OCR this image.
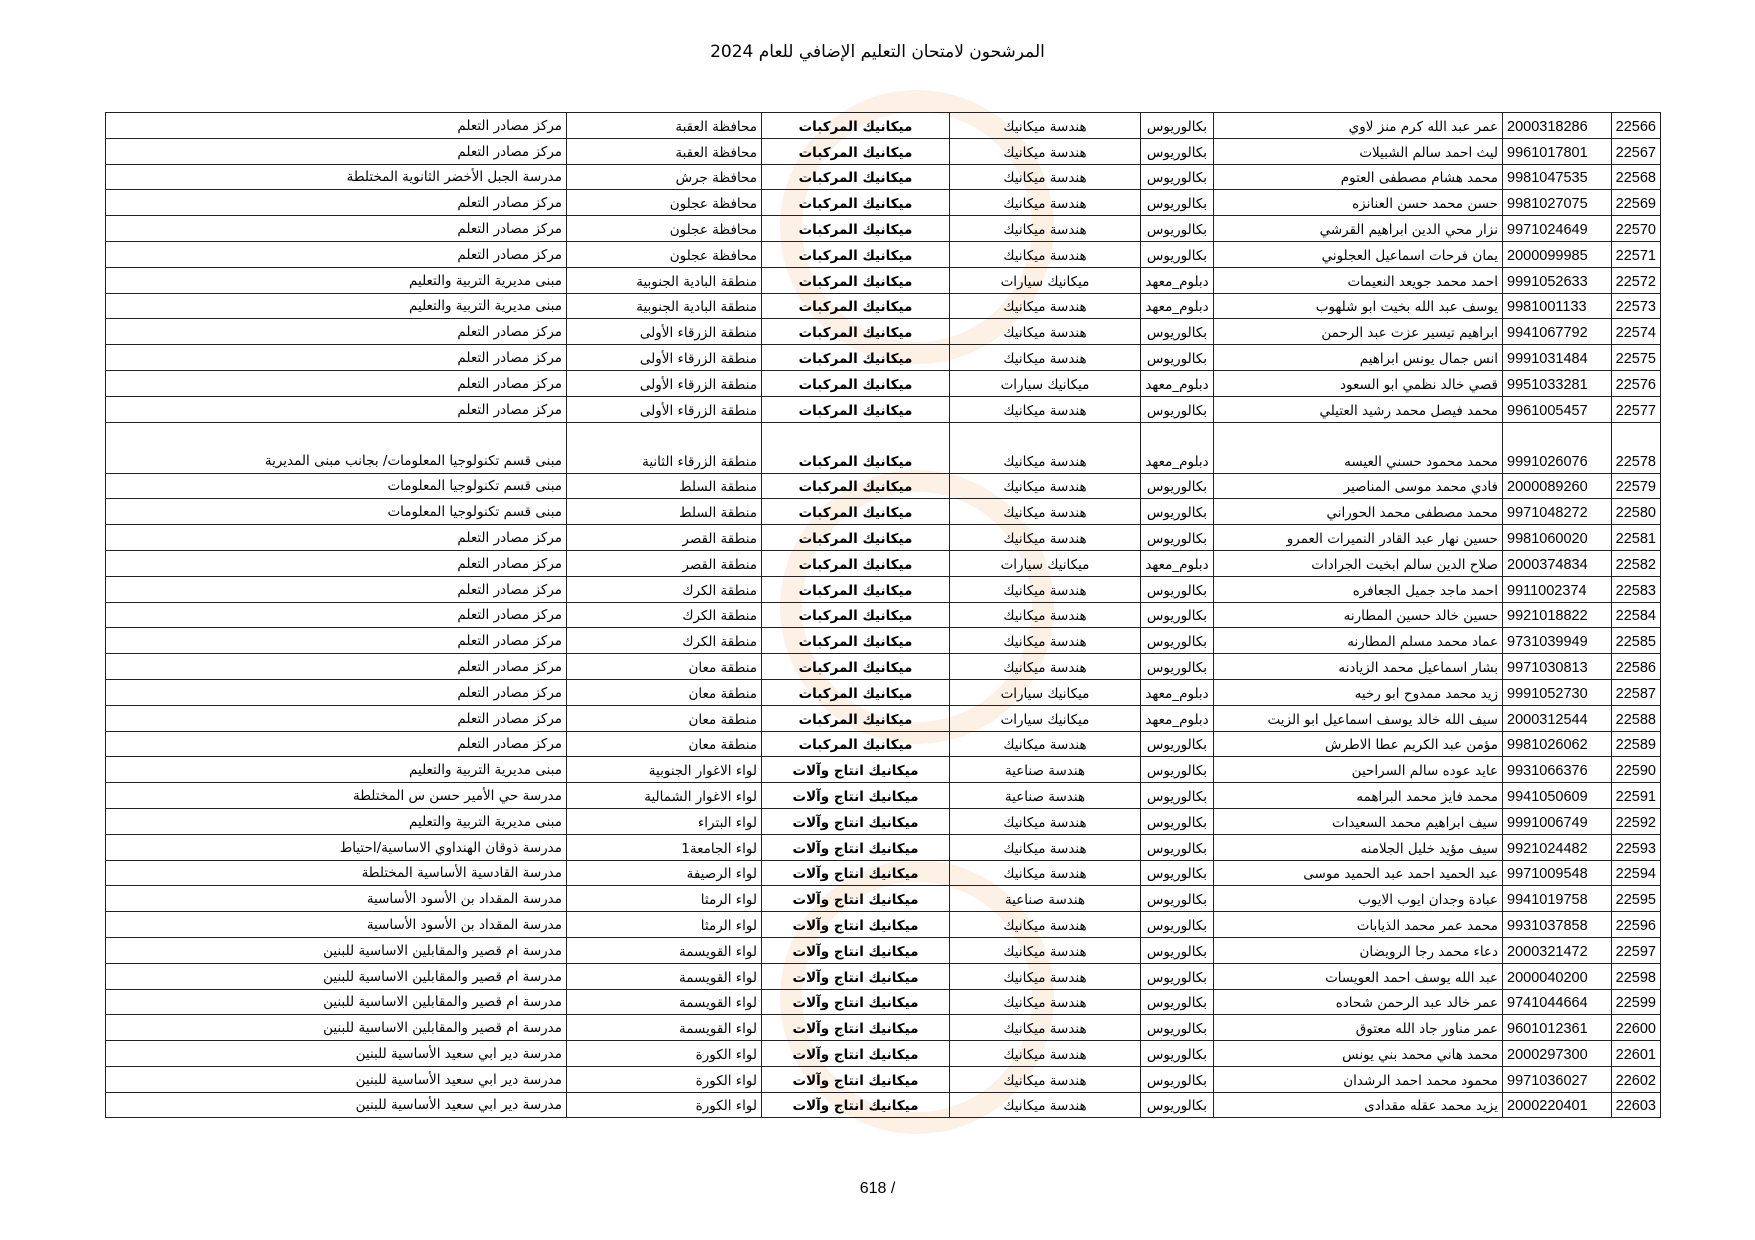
المرشحون لامتحان التعليم الإضافي للعام 2024
22566	2000318286	عمر عبد الله كرم منز لاوي	بكالوريوس	هندسة ميكانيك	ميكانيك المركبات	محافظة العقبة	مركز مصادر التعلم
22567	9961017801	ليث احمد سالم الشبيلات	بكالوريوس	هندسة ميكانيك	ميكانيك المركبات	محافظة العقبة	مركز مصادر التعلم
22568	9981047535	محمد هشام مصطفى العتوم	بكالوريوس	هندسة ميكانيك	ميكانيك المركبات	محافظة جرش	مدرسة الجبل الأخضر الثانوية المختلطة
22569	9981027075	حسن محمد حسن العنانزه	بكالوريوس	هندسة ميكانيك	ميكانيك المركبات	محافظة عجلون	مركز مصادر التعلم
22570	9971024649	نزار محي الدين ابراهيم القرشي	بكالوريوس	هندسة ميكانيك	ميكانيك المركبات	محافظة عجلون	مركز مصادر التعلم
22571	2000099985	يمان فرحات اسماعيل العجلوني	بكالوريوس	هندسة ميكانيك	ميكانيك المركبات	محافظة عجلون	مركز مصادر التعلم
22572	9991052633	احمد محمد جويعد النعيمات	دبلوم_معهد	ميكانيك سيارات	ميكانيك المركبات	منطقة البادية الجنوبية	مبنى مديرية التربية والتعليم
22573	9981001133	يوسف عبد الله بخيت ابو شلهوب	دبلوم_معهد	هندسة ميكانيك	ميكانيك المركبات	منطقة البادية الجنوبية	مبنى مديرية التربية والتعليم
22574	9941067792	ابراهيم تيسير عزت عبد الرحمن	بكالوريوس	هندسة ميكانيك	ميكانيك المركبات	منطقة الزرقاء الأولى	مركز مصادر التعلم
22575	9991031484	انس جمال يونس ابراهيم	بكالوريوس	هندسة ميكانيك	ميكانيك المركبات	منطقة الزرقاء الأولى	مركز مصادر التعلم
22576	9951033281	قصي خالد نظمي ابو السعود	دبلوم_معهد	ميكانيك سيارات	ميكانيك المركبات	منطقة الزرقاء الأولى	مركز مصادر التعلم
22577	9961005457	محمد فيصل محمد رشيد العتيلي	بكالوريوس	هندسة ميكانيك	ميكانيك المركبات	منطقة الزرقاء الأولى	مركز مصادر التعلم
22578	9991026076	محمد محمود حسني العيسه	دبلوم_معهد	هندسة ميكانيك	ميكانيك المركبات	منطقة الزرقاء الثانية	مبنى قسم تكنولوجيا المعلومات/ بجانب مبنى المديرية
22579	2000089260	فادي محمد موسى المناصير	بكالوريوس	هندسة ميكانيك	ميكانيك المركبات	منطقة السلط	مبنى قسم تكنولوجيا المعلومات
22580	9971048272	محمد مصطفى محمد الحوراني	بكالوريوس	هندسة ميكانيك	ميكانيك المركبات	منطقة السلط	مبنى قسم تكنولوجيا المعلومات
22581	9981060020	حسين نهار عبد القادر النميرات العمرو	بكالوريوس	هندسة ميكانيك	ميكانيك المركبات	منطقة القصر	مركز مصادر التعلم
22582	2000374834	صلاح الدين سالم ابخيت الجرادات	دبلوم_معهد	ميكانيك سيارات	ميكانيك المركبات	منطقة القصر	مركز مصادر التعلم
22583	9911002374	احمد ماجد جميل الجعافره	بكالوريوس	هندسة ميكانيك	ميكانيك المركبات	منطقة الكرك	مركز مصادر التعلم
22584	9921018822	حسين خالد حسين المطارنه	بكالوريوس	هندسة ميكانيك	ميكانيك المركبات	منطقة الكرك	مركز مصادر التعلم
22585	9731039949	عماد محمد مسلم المطارنه	بكالوريوس	هندسة ميكانيك	ميكانيك المركبات	منطقة الكرك	مركز مصادر التعلم
22586	9971030813	بشار اسماعيل محمد الزيادنه	بكالوريوس	هندسة ميكانيك	ميكانيك المركبات	منطقة معان	مركز مصادر التعلم
22587	9991052730	زيد محمد ممدوح ابو رخيه	دبلوم_معهد	ميكانيك سيارات	ميكانيك المركبات	منطقة معان	مركز مصادر التعلم
22588	2000312544	سيف الله خالد يوسف اسماعيل ابو الزيت	دبلوم_معهد	ميكانيك سيارات	ميكانيك المركبات	منطقة معان	مركز مصادر التعلم
22589	9981026062	مؤمن عبد الكريم عطا الاطرش	بكالوريوس	هندسة ميكانيك	ميكانيك المركبات	منطقة معان	مركز مصادر التعلم
22590	9931066376	عايد عوده سالم السراحين	بكالوريوس	هندسة صناعية	ميكانيك انتاج وآلات	لواء الاغوار الجنوبية	مبنى مديرية التربية والتعليم
22591	9941050609	محمد فايز محمد البراهمه	بكالوريوس	هندسة صناعية	ميكانيك انتاج وآلات	لواء الاغوار الشمالية	مدرسة حي الأمير حسن س المختلطة
22592	9991006749	سيف ابراهيم محمد السعيدات	بكالوريوس	هندسة ميكانيك	ميكانيك انتاج وآلات	لواء البتراء	مبنى مديرية التربية والتعليم
22593	9921024482	سيف مؤيد خليل الجلامنه	بكالوريوس	هندسة ميكانيك	ميكانيك انتاج وآلات	لواء الجامعة1	مدرسة ذوقان الهنداوي الاساسية/احتياط
22594	9971009548	عبد الحميد احمد عبد الحميد موسى	بكالوريوس	هندسة ميكانيك	ميكانيك انتاج وآلات	لواء الرصيفة	مدرسة القادسية الأساسية المختلطة
22595	9941019758	عبادة وجدان ايوب الايوب	بكالوريوس	هندسة صناعية	ميكانيك انتاج وآلات	لواء الرمثا	مدرسة المقداد بن الأسود الأساسية
22596	9931037858	محمد عمر محمد الذيابات	بكالوريوس	هندسة ميكانيك	ميكانيك انتاج وآلات	لواء الرمثا	مدرسة المقداد بن الأسود الأساسية
22597	2000321472	دعاء محمد رجا الرويضان	بكالوريوس	هندسة ميكانيك	ميكانيك انتاج وآلات	لواء القويسمة	مدرسة ام قصير والمقابلين الاساسية للبنين
22598	2000040200	عبد الله يوسف احمد العويسات	بكالوريوس	هندسة ميكانيك	ميكانيك انتاج وآلات	لواء القويسمة	مدرسة ام قصير والمقابلين الاساسية للبنين
22599	9741044664	عمر خالد عبد الرحمن شحاده	بكالوريوس	هندسة ميكانيك	ميكانيك انتاج وآلات	لواء القويسمة	مدرسة ام قصير والمقابلين الاساسية للبنين
22600	9601012361	عمر مناور جاد الله معتوق	بكالوريوس	هندسة ميكانيك	ميكانيك انتاج وآلات	لواء القويسمة	مدرسة ام قصير والمقابلين الاساسية للبنين
22601	2000297300	محمد هاني محمد بني يونس	بكالوريوس	هندسة ميكانيك	ميكانيك انتاج وآلات	لواء الكورة	مدرسة دير ابي سعيد الأساسية للبنين
22602	9971036027	محمود محمد احمد الرشدان	بكالوريوس	هندسة ميكانيك	ميكانيك انتاج وآلات	لواء الكورة	مدرسة دير ابي سعيد الأساسية للبنين
22603	2000220401	يزيد محمد عقله مقدادى	بكالوريوس	هندسة ميكانيك	ميكانيك انتاج وآلات	لواء الكورة	مدرسة دير ابي سعيد الأساسية للبنين
618 /
